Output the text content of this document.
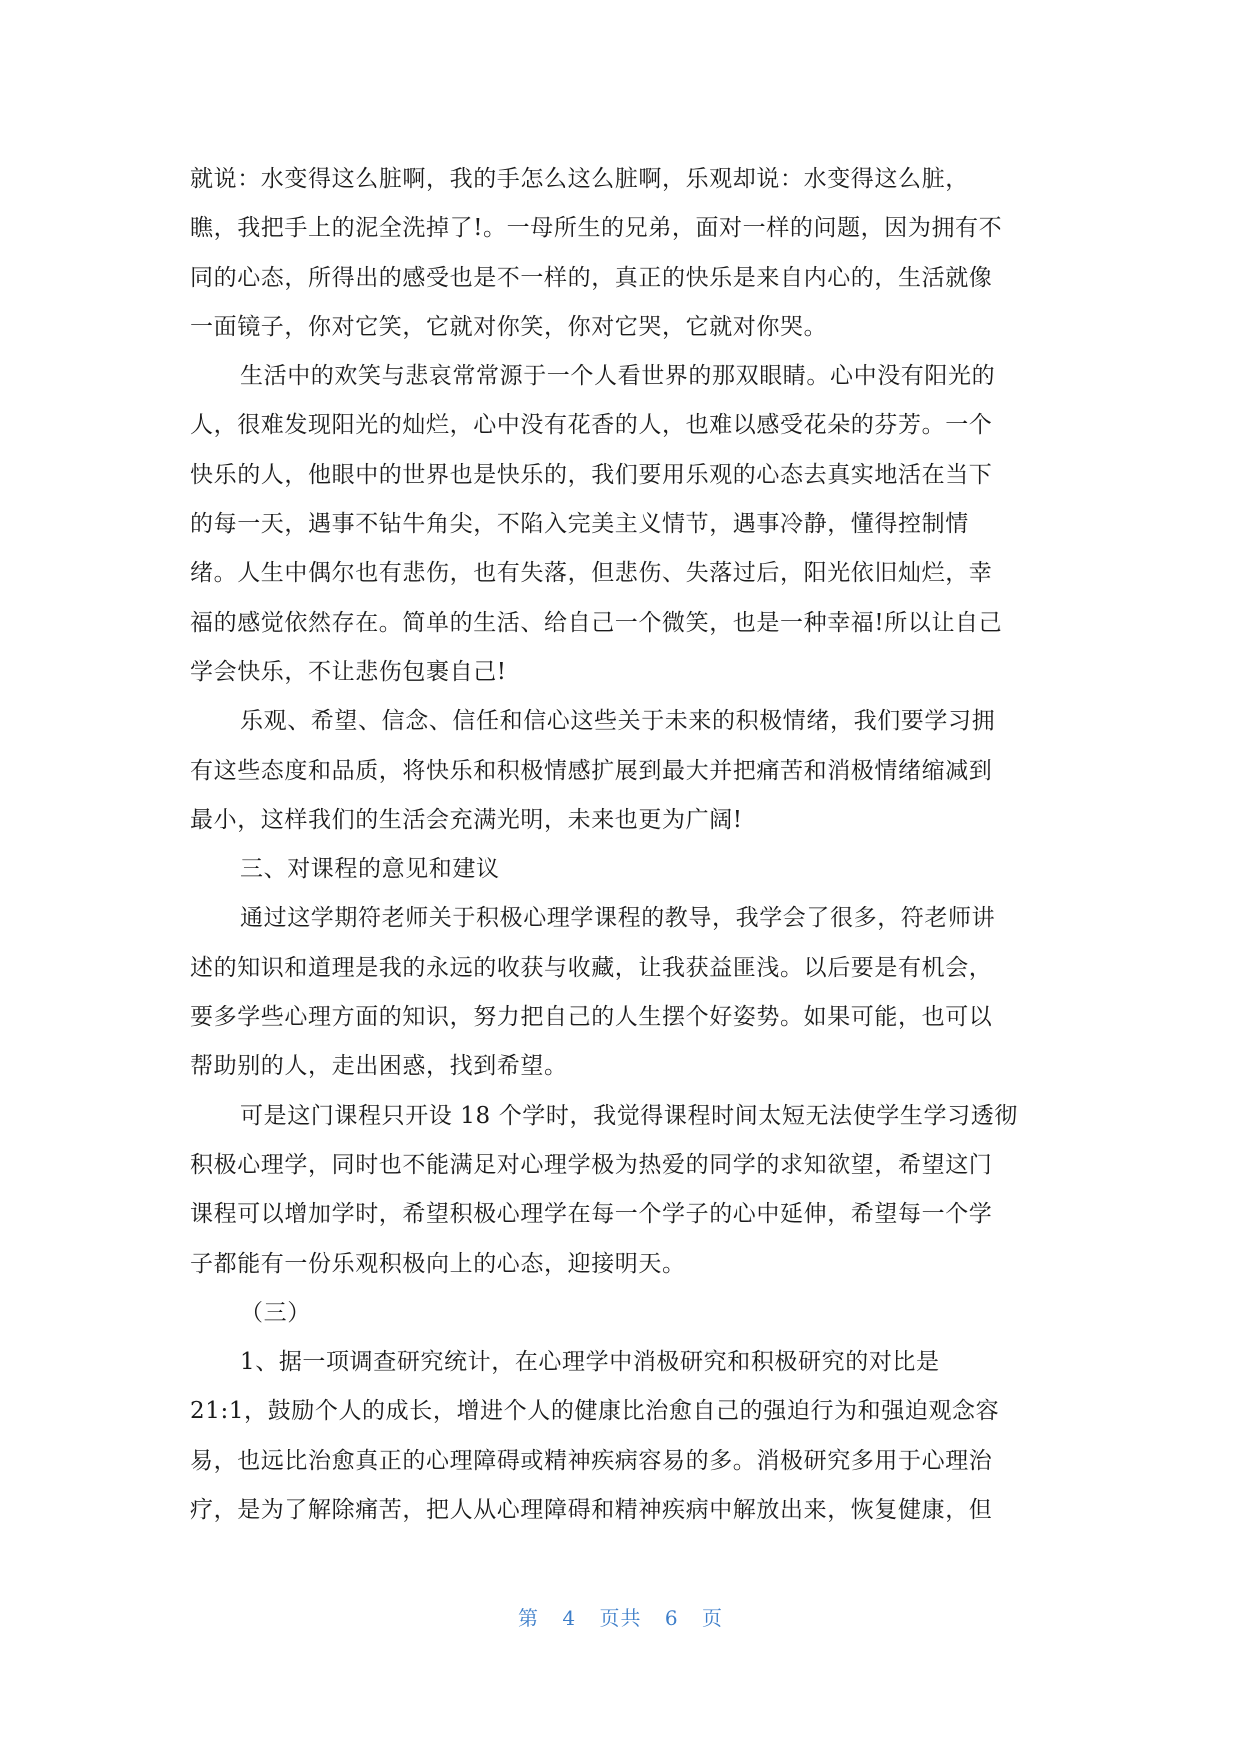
就说：水变得这么脏啊，我的手怎么这么脏啊，乐观却说：水变得这么脏，
瞧，我把手上的泥全洗掉了!。一母所生的兄弟，面对一样的问题，因为拥有不
同的心态，所得出的感受也是不一样的，真正的快乐是来自内心的，生活就像
一面镜子，你对它笑，它就对你笑，你对它哭，它就对你哭。
生活中的欢笑与悲哀常常源于一个人看世界的那双眼睛。心中没有阳光的
人，很难发现阳光的灿烂，心中没有花香的人，也难以感受花朵的芬芳。一个
快乐的人，他眼中的世界也是快乐的，我们要用乐观的心态去真实地活在当下
的每一天，遇事不钻牛角尖，不陷入完美主义情节，遇事冷静，懂得控制情
绪。人生中偶尔也有悲伤，也有失落，但悲伤、失落过后，阳光依旧灿烂，幸
福的感觉依然存在。简单的生活、给自己一个微笑，也是一种幸福!所以让自己
学会快乐，不让悲伤包裹自己!
乐观、希望、信念、信任和信心这些关于未来的积极情绪，我们要学习拥
有这些态度和品质，将快乐和积极情感扩展到最大并把痛苦和消极情绪缩减到
最小，这样我们的生活会充满光明，未来也更为广阔!
三、对课程的意见和建议
通过这学期符老师关于积极心理学课程的教导，我学会了很多，符老师讲
述的知识和道理是我的永远的收获与收藏，让我获益匪浅。以后要是有机会，
要多学些心理方面的知识，努力把自己的人生摆个好姿势。如果可能，也可以
帮助别的人，走出困惑，找到希望。
可是这门课程只开设 18 个学时，我觉得课程时间太短无法使学生学习透彻
积极心理学，同时也不能满足对心理学极为热爱的同学的求知欲望，希望这门
课程可以增加学时，希望积极心理学在每一个学子的心中延伸，希望每一个学
子都能有一份乐观积极向上的心态，迎接明天。
（三）
1、据一项调查研究统计，在心理学中消极研究和积极研究的对比是
21:1，鼓励个人的成长，增进个人的健康比治愈自己的强迫行为和强迫观念容
易，也远比治愈真正的心理障碍或精神疾病容易的多。消极研究多用于心理治
疗，是为了解除痛苦，把人从心理障碍和精神疾病中解放出来，恢复健康，但
第 4 页共 6 页
